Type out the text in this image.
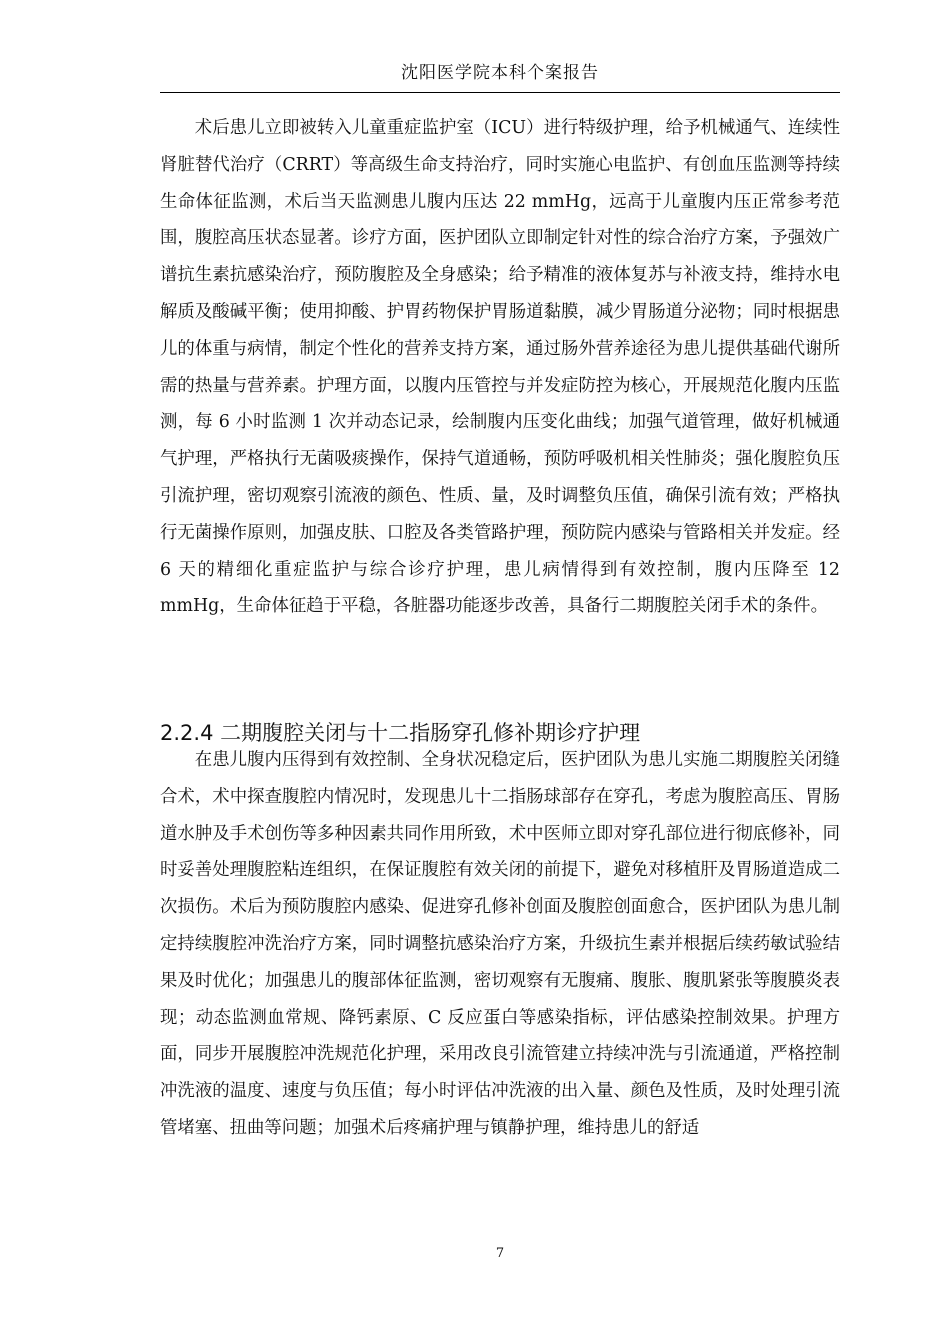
沈阳医学院本科个案报告

术后患儿立即被转入儿童重症监护室（ICU）进行特级护理，给予机械通气、连续性肾脏替代治疗（CRRT）等高级生命支持治疗，同时实施心电监护、有创血压监测等持续生命体征监测，术后当天监测患儿腹内压达 22 mmHg，远高于儿童腹内压正常参考范围，腹腔高压状态显著。诊疗方面，医护团队立即制定针对性的综合治疗方案，予强效广谱抗生素抗感染治疗，预防腹腔及全身感染；给予精准的液体复苏与补液支持，维持水电解质及酸碱平衡；使用抑酸、护胃药物保护胃肠道黏膜，减少胃肠道分泌物；同时根据患儿的体重与病情，制定个性化的营养支持方案，通过肠外营养途径为患儿提供基础代谢所需的热量与营养素。护理方面，以腹内压管控与并发症防控为核心，开展规范化腹内压监测，每 6 小时监测 1 次并动态记录，绘制腹内压变化曲线；加强气道管理，做好机械通气护理，严格执行无菌吸痰操作，保持气道通畅，预防呼吸机相关性肺炎；强化腹腔负压引流护理，密切观察引流液的颜色、性质、量，及时调整负压值，确保引流有效；严格执行无菌操作原则，加强皮肤、口腔及各类管路护理，预防院内感染与管路相关并发症。经 6 天的精细化重症监护与综合诊疗护理，患儿病情得到有效控制，腹内压降至 12 mmHg，生命体征趋于平稳，各脏器功能逐步改善，具备行二期腹腔关闭手术的条件。

2.2.4 二期腹腔关闭与十二指肠穿孔修补期诊疗护理

在患儿腹内压得到有效控制、全身状况稳定后，医护团队为患儿实施二期腹腔关闭缝合术，术中探查腹腔内情况时，发现患儿十二指肠球部存在穿孔，考虑为腹腔高压、胃肠道水肿及手术创伤等多种因素共同作用所致，术中医师立即对穿孔部位进行彻底修补，同时妥善处理腹腔粘连组织，在保证腹腔有效关闭的前提下，避免对移植肝及胃肠道造成二次损伤。术后为预防腹腔内感染、促进穿孔修补创面及腹腔创面愈合，医护团队为患儿制定持续腹腔冲洗治疗方案，同时调整抗感染治疗方案，升级抗生素并根据后续药敏试验结果及时优化；加强患儿的腹部体征监测，密切观察有无腹痛、腹胀、腹肌紧张等腹膜炎表现；动态监测血常规、降钙素原、C 反应蛋白等感染指标，评估感染控制效果。护理方面，同步开展腹腔冲洗规范化护理，采用改良引流管建立持续冲洗与引流通道，严格控制冲洗液的温度、速度与负压值；每小时评估冲洗液的出入量、颜色及性质，及时处理引流管堵塞、扭曲等问题；加强术后疼痛护理与镇静护理，维持患儿的舒适

7
